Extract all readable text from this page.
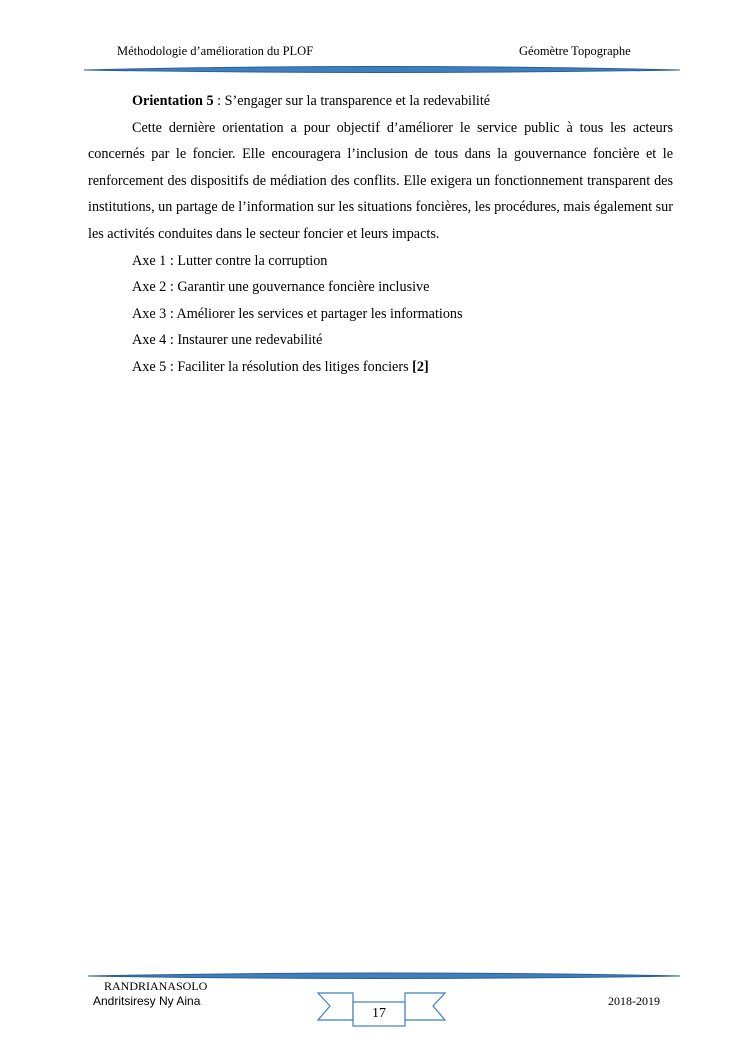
Méthodologie d’amélioration du PLOF	Géomètre Topographe

Orientation 5 : S’engager sur la transparence et la redevabilité

Cette dernière orientation a pour objectif d’améliorer le service public à tous les acteurs concernés par le foncier. Elle encouragera l’inclusion de tous dans la gouvernance foncière et le renforcement des dispositifs de médiation des conflits. Elle exigera un fonctionnement transparent des institutions, un partage de l’information sur les situations foncières, les procédures, mais également sur les activités conduites dans le secteur foncier et leurs impacts.

Axe 1 : Lutter contre la corruption

Axe 2 : Garantir une gouvernance foncière inclusive

Axe 3 : Améliorer les services et partager les informations

Axe 4 : Instaurer une redevabilité

Axe 5 : Faciliter la résolution des litiges fonciers [2]

RANDRIANASOLO
Andritsiresy Ny Aina
17
2018-2019
